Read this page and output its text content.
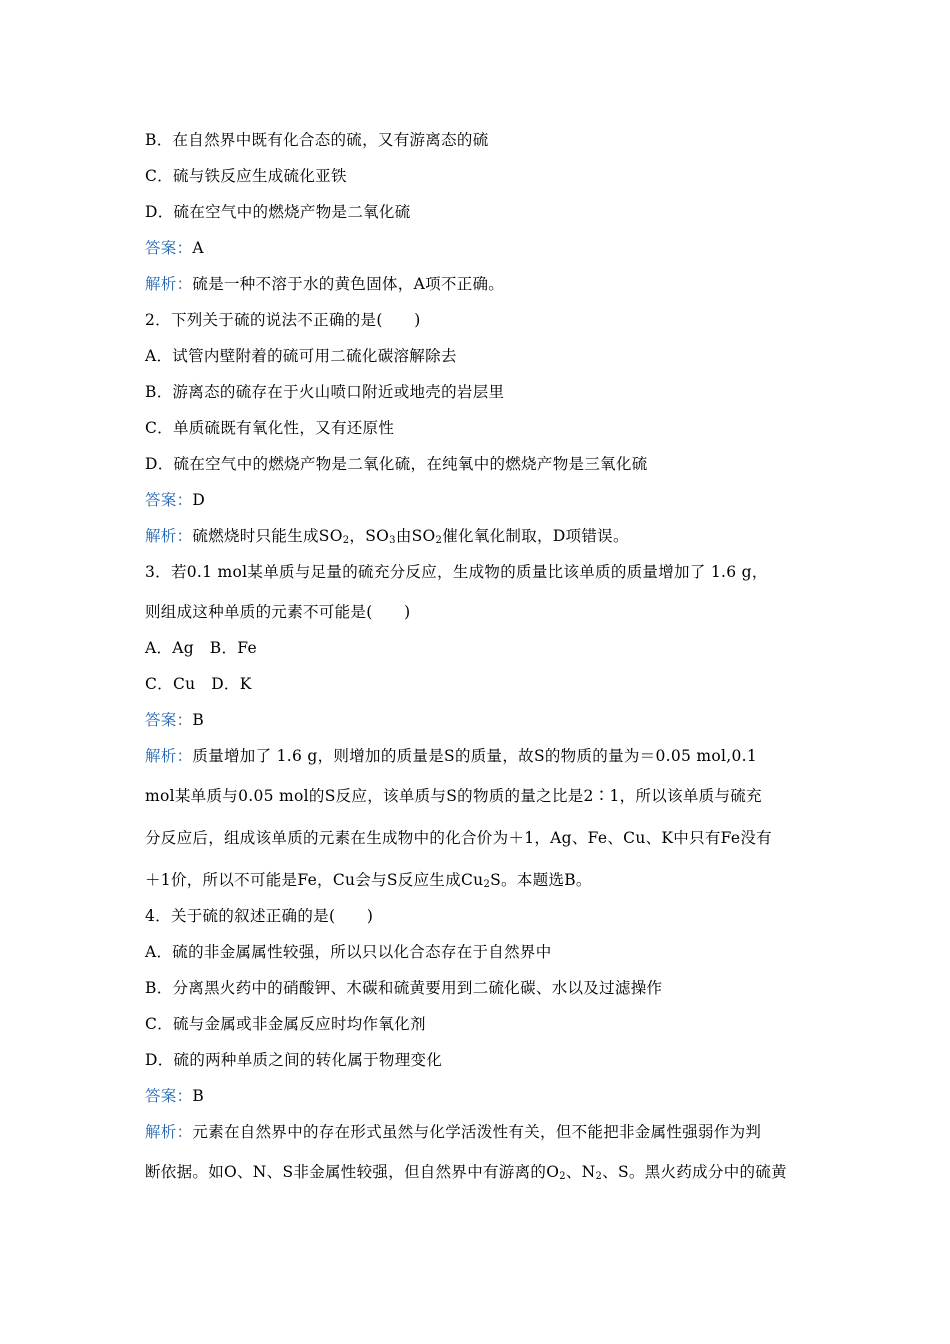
B．在自然界中既有化合态的硫，又有游离态的硫
C．硫与铁反应生成硫化亚铁
D．硫在空气中的燃烧产物是二氧化硫
答案：A
解析：硫是一种不溶于水的黄色固体，A项不正确。
2．下列关于硫的说法不正确的是(　　)
A．试管内壁附着的硫可用二硫化碳溶解除去
B．游离态的硫存在于火山喷口附近或地壳的岩层里
C．单质硫既有氧化性，又有还原性
D．硫在空气中的燃烧产物是二氧化硫，在纯氧中的燃烧产物是三氧化硫
答案：D
解析：硫燃烧时只能生成$SO_2$，$SO_3$由$SO_2$催化氧化制取，D项错误。
3．若0.1 mol某单质与足量的硫充分反应，生成物的质量比该单质的质量增加了 1.6 g，
则组成这种单质的元素不可能是(　　)
A．Ag　B．Fe
C．Cu　D．K
答案：B
解析：质量增加了 1.6 g，则增加的质量是S的质量，故S的物质的量为＝0.05 mol,0.1
mol某单质与0.05 mol的S反应，该单质与S的物质的量之比是2∶1，所以该单质与硫充
分反应后，组成该单质的元素在生成物中的化合价为＋1，Ag、Fe、Cu、K中只有Fe没有
＋1价，所以不可能是Fe，Cu会与S反应生成$Cu_2S$。本题选B。
4．关于硫的叙述正确的是(　　)
A．硫的非金属属性较强，所以只以化合态存在于自然界中
B．分离黑火药中的硝酸钾、木碳和硫黄要用到二硫化碳、水以及过滤操作
C．硫与金属或非金属反应时均作氧化剂
D．硫的两种单质之间的转化属于物理变化
答案：B
解析：元素在自然界中的存在形式虽然与化学活泼性有关，但不能把非金属性强弱作为判
断依据。如O、N、S非金属性较强，但自然界中有游离的$O_2$、$N_2$、S。黑火药成分中的硫黄
